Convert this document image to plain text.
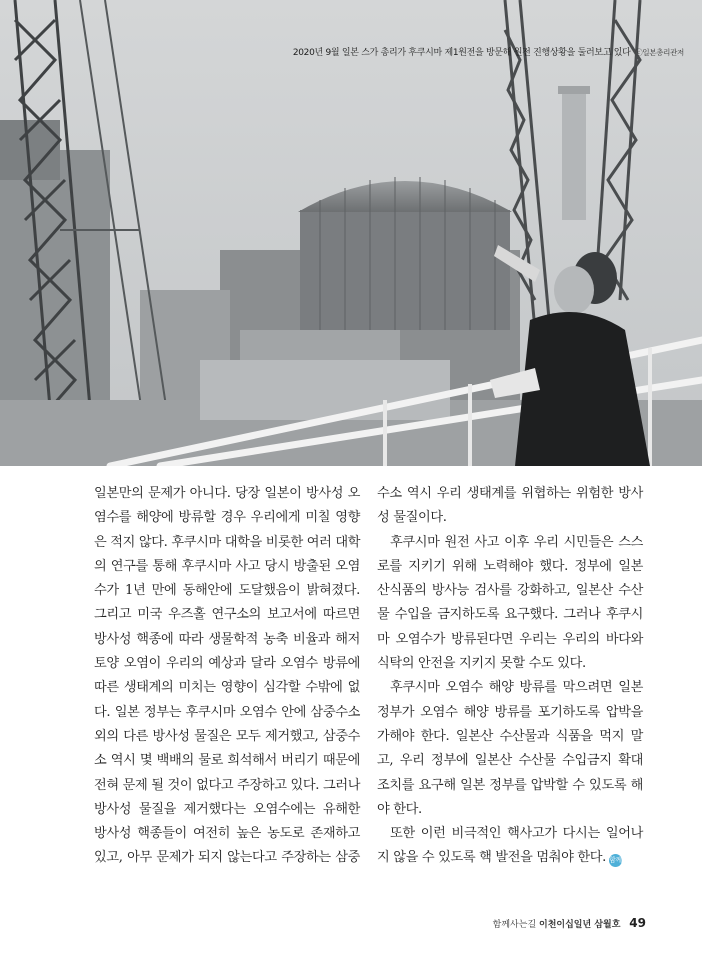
2020년 9월 일본 스가 총리가 후쿠시마 제1원전을 방문해 원전 진행상황을 둘러보고 있다 ⓒ일본총리관저

일본만의 문제가 아니다. 당장 일본이 방사성 오
염수를 해양에 방류할 경우 우리에게 미칠 영향
은 적지 않다. 후쿠시마 대학을 비롯한 여러 대학
의 연구를 통해 후쿠시마 사고 당시 방출된 오염
수가 1년 만에 동해안에 도달했음이 밝혀졌다.
그리고 미국 우즈홀 연구소의 보고서에 따르면
방사성 핵종에 따라 생물학적 농축 비율과 해저
토양 오염이 우리의 예상과 달라 오염수 방류에
따른 생태계의 미치는 영향이 심각할 수밖에 없
다. 일본 정부는 후쿠시마 오염수 안에 삼중수소
외의 다른 방사성 물질은 모두 제거했고, 삼중수
소 역시 몇 백배의 물로 희석해서 버리기 때문에
전혀 문제 될 것이 없다고 주장하고 있다. 그러나
방사성 물질을 제거했다는 오염수에는 유해한
방사성 핵종들이 여전히 높은 농도로 존재하고
있고, 아무 문제가 되지 않는다고 주장하는 삼중

수소 역시 우리 생태계를 위협하는 위험한 방사
성 물질이다.

후쿠시마 원전 사고 이후 우리 시민들은 스스
로를 지키기 위해 노력해야 했다. 정부에 일본
산식품의 방사능 검사를 강화하고, 일본산 수산
물 수입을 금지하도록 요구했다. 그러나 후쿠시
마 오염수가 방류된다면 우리는 우리의 바다와
식탁의 안전을 지키지 못할 수도 있다.

후쿠시마 오염수 해양 방류를 막으려면 일본
정부가 오염수 해양 방류를 포기하도록 압박을
가해야 한다. 일본산 수산물과 식품을 먹지 말
고, 우리 정부에 일본산 수산물 수입금지 확대
조치를 요구해 일본 정부를 압박할 수 있도록 해
야 한다.

또한 이런 비극적인 핵사고가 다시는 일어나
지 않을 수 있도록 핵 발전을 멈춰야 한다. 함께

함께사는길 이천이십일년 삼월호 49
